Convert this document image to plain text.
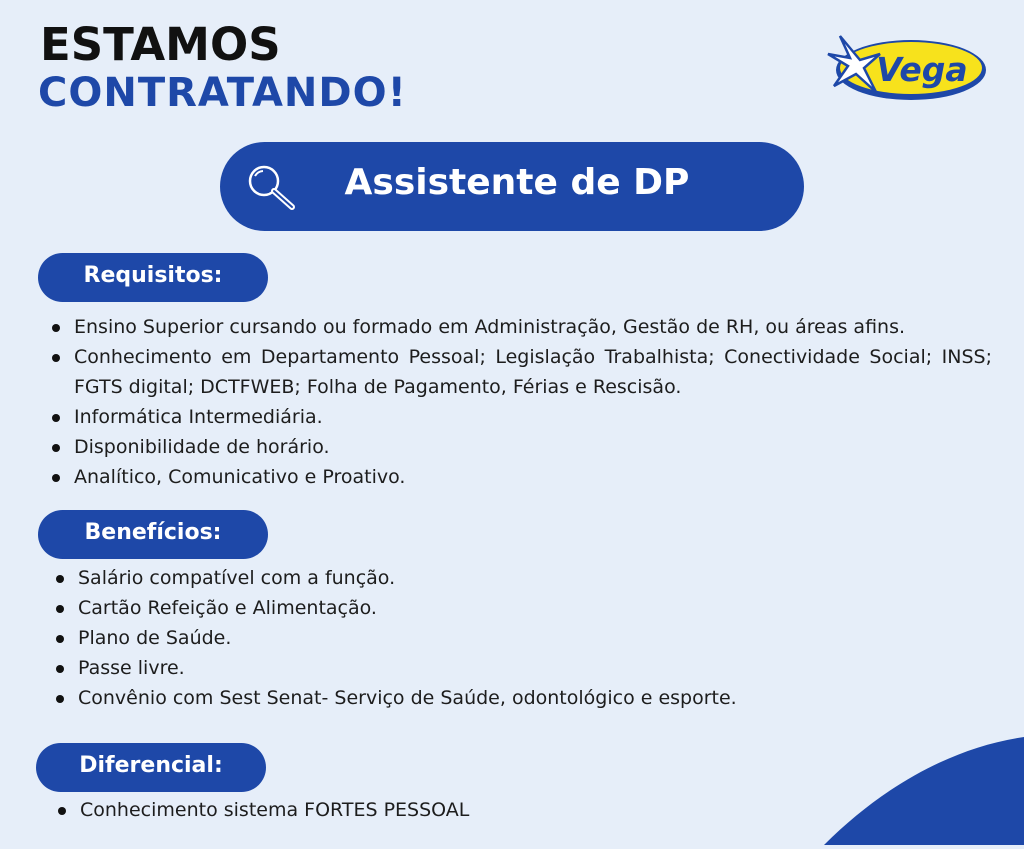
ESTAMOS
CONTRATANDO!
Vega
Assistente de DP
Requisitos:
Ensino Superior cursando ou formado em Administração, Gestão de RH, ou áreas afins.
Conhecimento em Departamento Pessoal; Legislação Trabalhista; Conectividade Social; INSS; FGTS digital; DCTFWEB; Folha de Pagamento, Férias e Rescisão.
Informática Intermediária.
Disponibilidade de horário.
Analítico, Comunicativo e Proativo.
Benefícios:
Salário compatível com a função.
Cartão Refeição e Alimentação.
Plano de Saúde.
Passe livre.
Convênio com Sest Senat- Serviço de Saúde, odontológico e esporte.
Diferencial:
Conhecimento sistema FORTES PESSOAL
